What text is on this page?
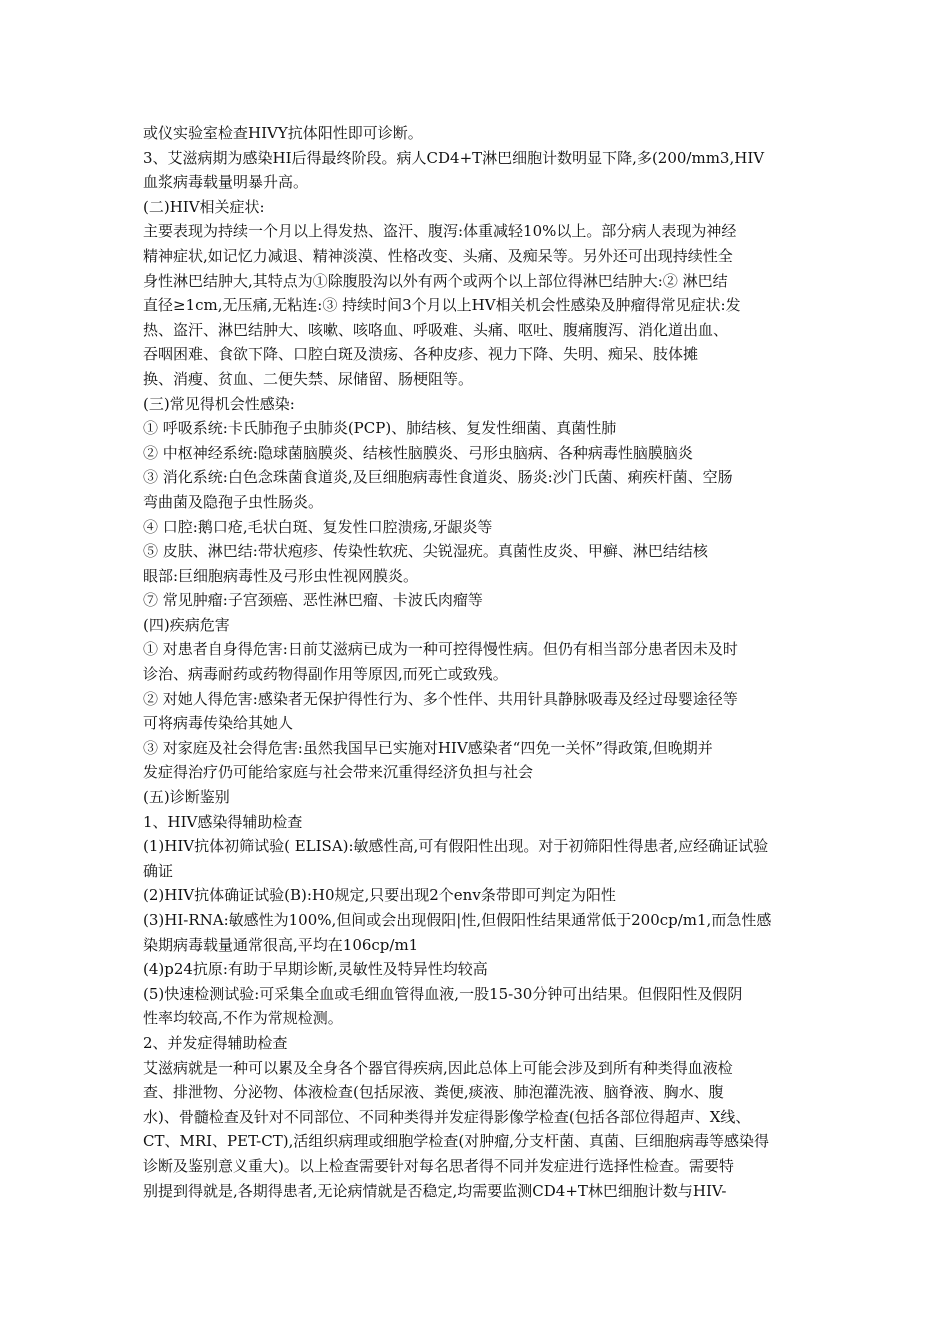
或仪实验室检查HIVY抗体阳性即可诊断。
3、艾滋病期为感染HI后得最终阶段。病人CD4+T淋巴细胞计数明显下降,多(200/mm3,HIV
血浆病毒载量明暴升高。
(二)HIV相关症状:
主要表现为持续一个月以上得发热、盗汗、腹泻:体重减轻10%以上。部分病人表现为神经
精神症状,如记忆力减退、精神淡漠、性格改变、头痛、及痴呆等。另外还可出现持续性全
身性淋巴结肿大,其特点为①除腹股沟以外有两个或两个以上部位得淋巴结肿大:② 淋巴结
直径≥1cm,无压痛,无粘连:③ 持续时间3个月以上HV相关机会性感染及肿瘤得常见症状:发
热、盗汗、淋巴结肿大、咳嗽、咳咯血、呼吸难、头痛、呕吐、腹痛腹泻、消化道出血、
吞咽困难、食欲下降、口腔白斑及溃疡、各种皮疹、视力下降、失明、痴呆、肢体摊
换、消瘦、贫血、二便失禁、尿储留、肠梗阻等。
(三)常见得机会性感染:
① 呼吸系统:卡氏肺孢子虫肺炎(PCP)、肺结核、复发性细菌、真菌性肺
② 中枢神经系统:隐球菌脑膜炎、结核性脑膜炎、弓形虫脑病、各种病毒性脑膜脑炎
③ 消化系统:白色念珠菌食道炎,及巨细胞病毒性食道炎、肠炎:沙门氏菌、痢疾杆菌、空肠
弯曲菌及隐孢子虫性肠炎。
④ 口腔:鹅口疮,毛状白斑、复发性口腔溃疡,牙龈炎等
⑤ 皮肤、淋巴结:带状疱疹、传染性软疣、尖锐湿疣。真菌性皮炎、甲癣、淋巴结结核
眼部:巨细胞病毒性及弓形虫性视网膜炎。
⑦ 常见肿瘤:子宫颈癌、恶性淋巴瘤、卡波氏肉瘤等
(四)疾病危害
① 对患者自身得危害:日前艾滋病已成为一种可控得慢性病。但仍有相当部分患者因未及时
诊治、病毒耐药或药物得副作用等原因,而死亡或致残。
② 对她人得危害:感染者无保护得性行为、多个性伴、共用针具静脉吸毒及经过母婴途径等
可将病毒传染给其她人
③ 对家庭及社会得危害:虽然我国早已实施对HIV感染者“四免一关怀”得政策,但晚期并
发症得治疗仍可能给家庭与社会带来沉重得经济负担与社会
(五)诊断鉴别
1、HIV感染得辅助检查
(1)HIV抗体初筛试验( ELISA):敏感性高,可有假阳性出现。对于初筛阳性得患者,应经确证试验
确证
(2)HIV抗体确证试验(B):H0规定,只要出现2个env条带即可判定为阳性
(3)HI-RNA:敏感性为100%,但间或会出现假阳|性,但假阳性结果通常低于200cp/m1,而急性感
染期病毒载量通常很高,平均在106cp/m1
(4)p24抗原:有助于早期诊断,灵敏性及特异性均较高
(5)快速检测试验:可采集全血或毛细血管得血液,一股15-30分钟可出结果。但假阳性及假阴
性率均较高,不作为常规检测。
2、并发症得辅助检查
艾滋病就是一种可以累及全身各个器官得疾病,因此总体上可能会涉及到所有种类得血液检
查、排泄物、分泌物、体液检查(包括尿液、粪便,痰液、肺泡灌洗液、脑脊液、胸水、腹
水)、骨髓检查及针对不同部位、不同种类得并发症得影像学检查(包括各部位得超声、X线、
CT、MRI、PET-CT),活组织病理或细胞学检查(对肿瘤,分支杆菌、真菌、巨细胞病毒等感染得
诊断及鉴别意义重大)。以上检查需要针对每名思者得不同并发症进行选择性检查。需要特
别提到得就是,各期得患者,无论病情就是否稳定,均需要监测CD4+T林巴细胞计数与HIV-
